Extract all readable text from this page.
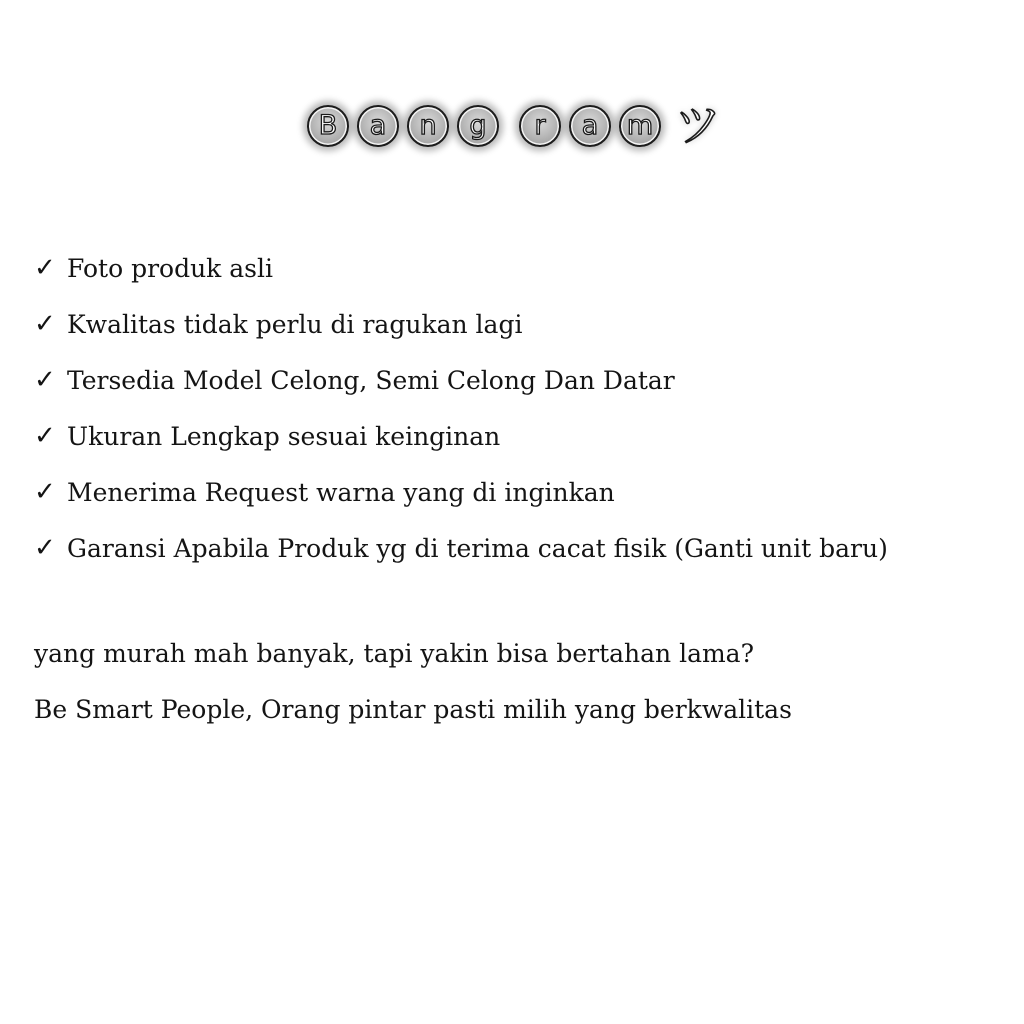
B a n g r a m ツ
✓ Foto produk asli
✓ Kwalitas tidak perlu di ragukan lagi
✓ Tersedia Model Celong, Semi Celong Dan Datar
✓ Ukuran Lengkap sesuai keinginan
✓ Menerima Request warna yang di inginkan
✓ Garansi Apabila Produk yg di terima cacat fisik (Ganti unit baru)

yang murah mah banyak, tapi yakin bisa bertahan lama?

Be Smart People, Orang pintar pasti milih yang berkwalitas
